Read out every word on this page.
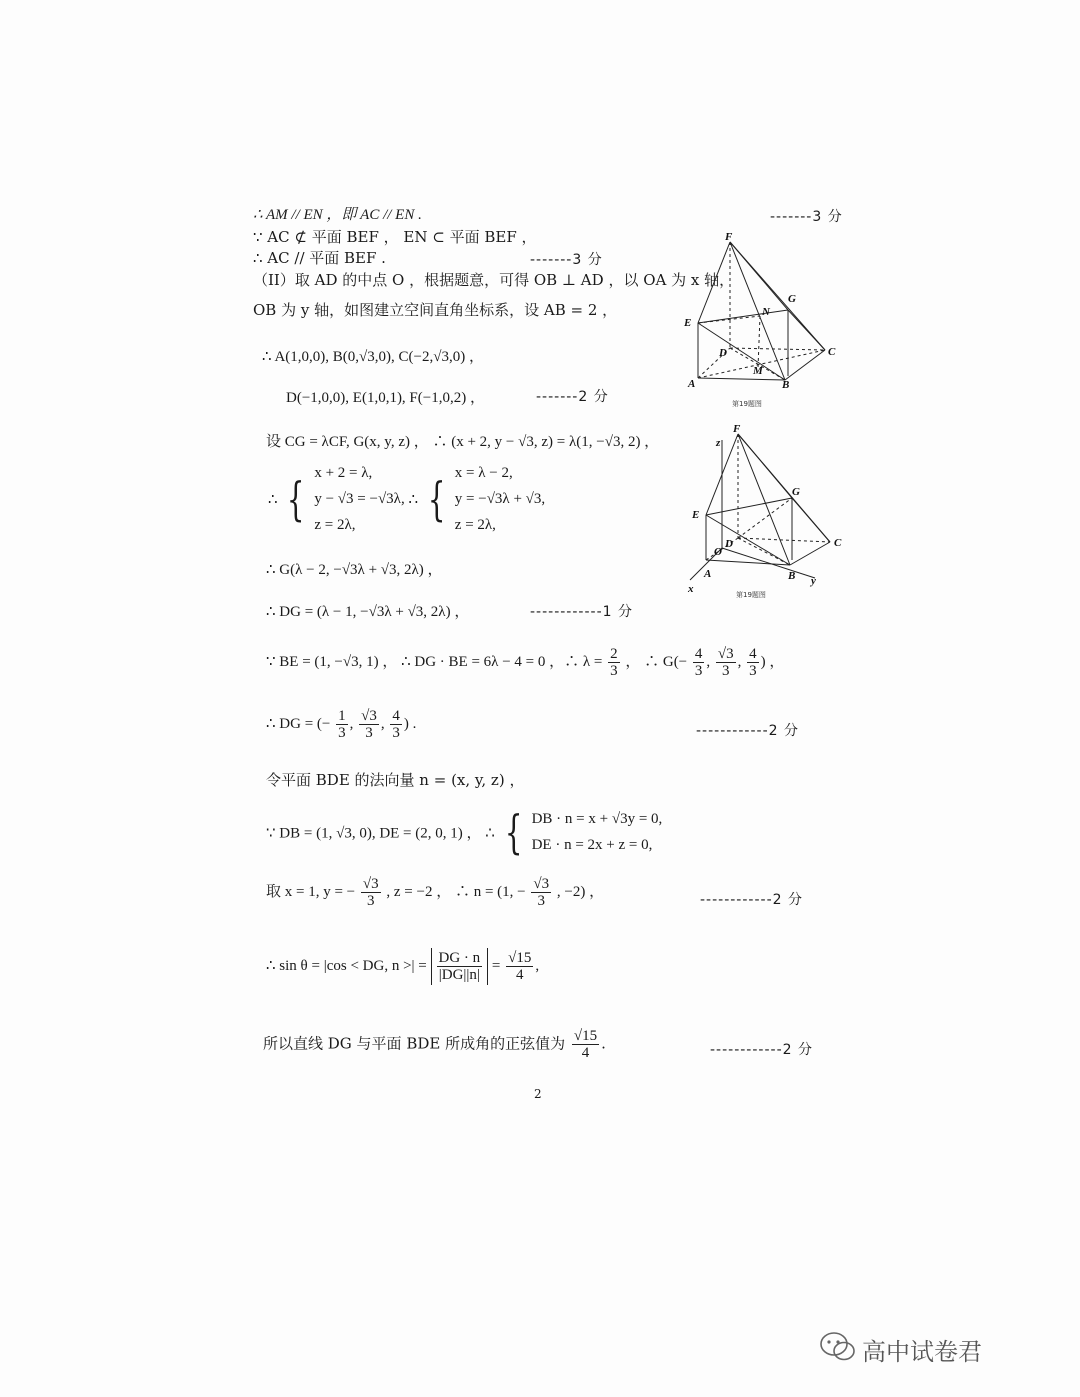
∴ AM // EN ，即 AC // EN .	-------3 分
∵ AC ⊄ 平面 BEF ， EN ⊂ 平面 BEF ，
∴ AC // 平面 BEF .	-------3 分
（II）取 AD 的中点 O ，根据题意，可得 OB ⊥ AD ，以 OA 为 x 轴，
OB 为 y 轴，如图建立空间直角坐标系，设 AB = 2 ，
∴ A(1,0,0), B(0,√3,0), C(−2,√3,0) ，
D(−1,0,0), E(1,0,1), F(−1,0,2) ，	-------2 分
设 CG = λCF, G(x, y, z) ， ∴ (x + 2, y − √3, z) = λ(1, −√3, 2) ，
∴ { x + 2 = λ,
y − √3 = −√3λ,
z = 2λ,
∴ { x = λ − 2,
y = −√3λ + √3,
z = 2λ,
∴ G(λ − 2, −√3λ + √3, 2λ) ，
∴ DG = (λ − 1, −√3λ + √3, 2λ) ，	------------1 分
∵ BE = (1, −√3, 1) ， ∴ DG · BE = 6λ − 4 = 0 ，∴ $\lambda = \frac{2}{3}$ ， ∴ $G(- \frac{4}{3}$ , $\frac{√3}{3}$ , $\frac{4}{3}$ ) ，
∴ DG = (− $\frac{1}{3}$ , $\frac{√3}{3}$ , $\frac{4}{3}$ ) .	------------2 分
令平面 BDE 的法向量 n = (x, y, z) ，
∵ DB = (1, √3, 0), DE = (2, 0, 1) ， ∴ { DB · n = x + √3y = 0,
DE · n = 2x + z = 0,
取 x = 1, y = − $\frac{√3}{3}$ , z = −2 ， ∴ n = (1, − $\frac{√3}{3}$ , −2) ，
------------2 分
∴ sin θ = |cos < DG, n >| = $\frac{DG \cdot n}{|DG||n|} = \frac{√15}{4}$ ,
所以直线 DG 与平面 BDE 所成角的正弦值为 $\frac{√15}{4}$ .	------------2 分
F
G
E
N
D	C
A
M
B
第19题图
z
F
G
E
D
O
C
A	B
x
y
第19题图
2
高中试卷君
